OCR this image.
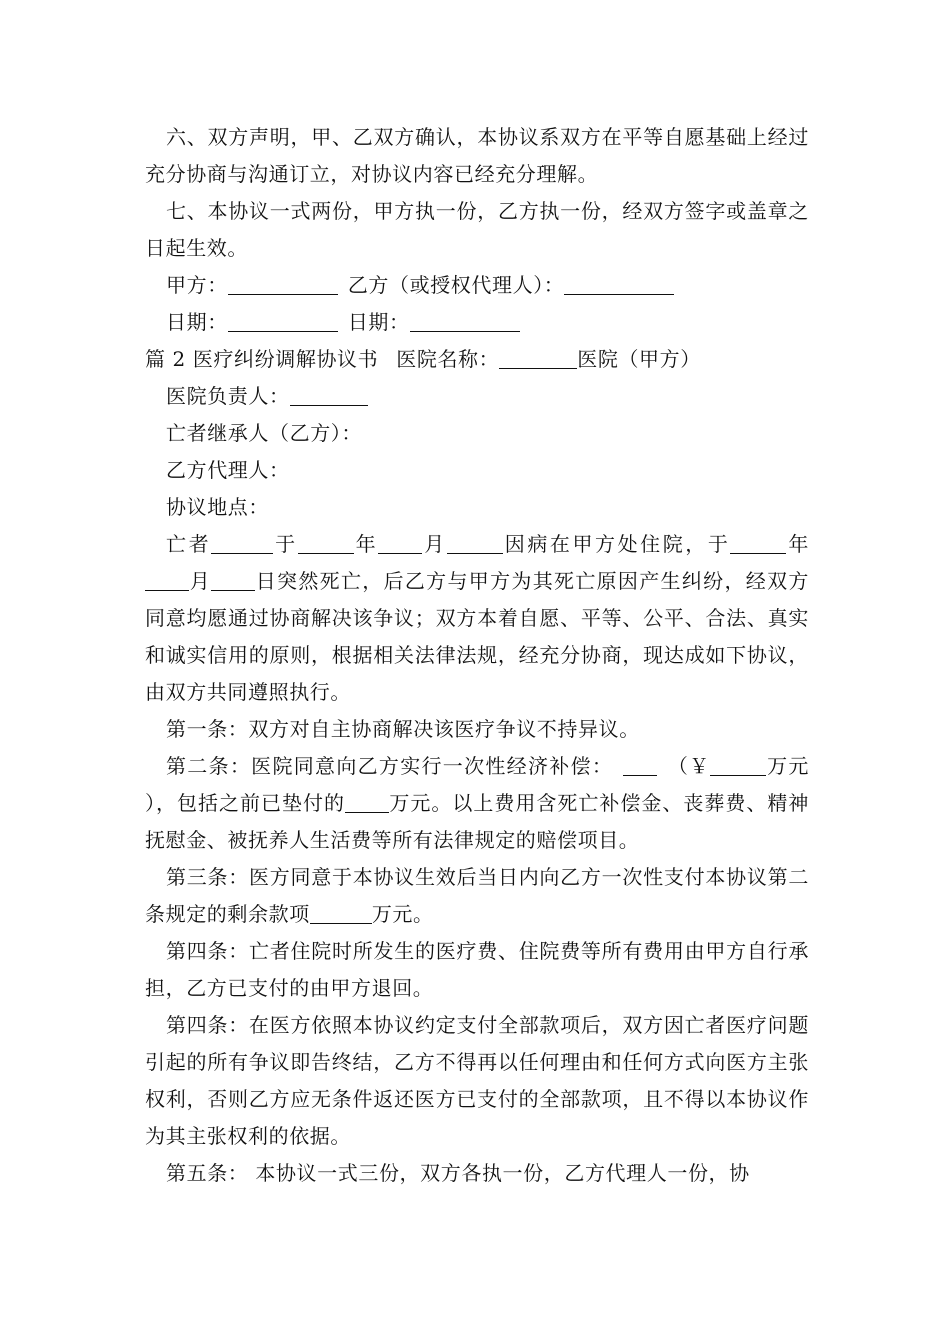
六、双方声明，甲、乙双方确认，本协议系双方在平等自愿基础上经过充分协商与沟通订立，对协议内容已经充分理解。

七、本协议一式两份，甲方执一份，乙方执一份，经双方签字或盖章之日起生效。

甲方：	乙方（或授权代理人）：

日期：	日期：

篇 2 医疗纠纷调解协议书 医院名称：	医院（甲方）

医院负责人：

亡者继承人（乙方）：

乙方代理人：

协议地点：

亡者	于	年 月	因病在甲方处住院，于	年月 日突然死亡，后乙方与甲方为其死亡原因产生纠纷，经双方同意均愿通过协商解决该争议；双方本着自愿、平等、公平、合法、真实和诚实信用的原则，根据相关法律法规，经充分协商，现达成如下协议，由双方共同遵照执行。

第一条：双方对自主协商解决该医疗争议不持异议。

第二条：医院同意向乙方实行一次性经济补偿：	（￥	万元 ），包括之前已垫付的 万元。以上费用含死亡补偿金、丧葬费、精神抚慰金、被抚养人生活费等所有法律规定的赔偿项目。

第三条：医方同意于本协议生效后当日内向乙方一次性支付本协议第二条规定的剩余款项	万元。

第四条：亡者住院时所发生的医疗费、住院费等所有费用由甲方自行承担，乙方已支付的由甲方退回。

第四条：在医方依照本协议约定支付全部款项后，双方因亡者医疗问题引起的所有争议即告终结，乙方不得再以任何理由和任何方式向医方主张权利，否则乙方应无条件返还医方已支付的全部款项，且不得以本协议作为其主张权利的依据。

第五条： 本协议一式三份，双方各执一份，乙方代理人一份，协
